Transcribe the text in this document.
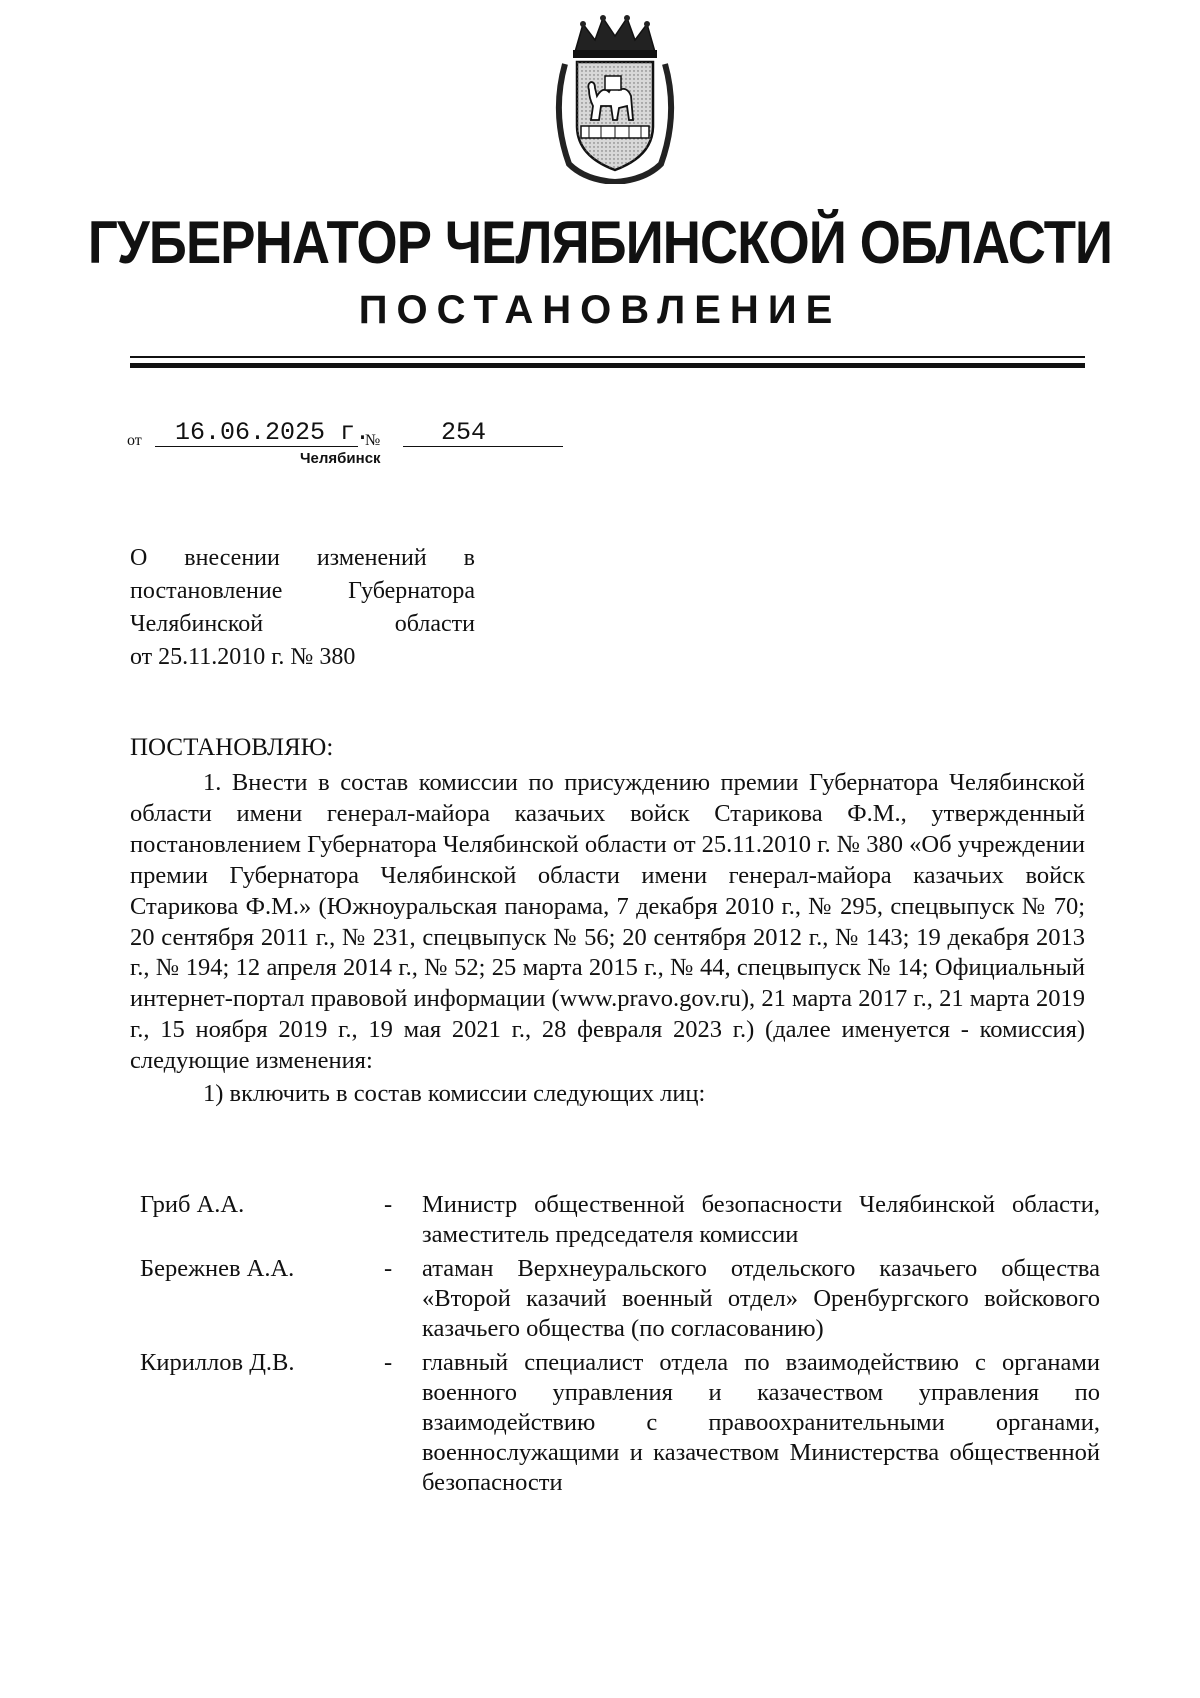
ГУБЕРНАТОР ЧЕЛЯБИНСКОЙ ОБЛАСТИ
ПОСТАНОВЛЕНИЕ
от 16.06.2025 г.
№ 254
Челябинск
О внесении изменений в
постановление Губернатора
Челябинской области
от 25.11.2010 г. № 380
ПОСТАНОВЛЯЮ:
1. Внести в состав комиссии по присуждению премии Губернатора Челябинской области имени генерал-майора казачьих войск Старикова Ф.М., утвержденный постановлением Губернатора Челябинской области от 25.11.2010 г. № 380 «Об учреждении премии Губернатора Челябинской области имени генерал-майора казачьих войск Старикова Ф.М.» (Южноуральская панорама, 7 декабря 2010 г., № 295, спецвыпуск № 70; 20 сентября 2011 г., № 231, спецвыпуск № 56; 20 сентября 2012 г., № 143; 19 декабря 2013 г., № 194; 12 апреля 2014 г., № 52; 25 марта 2015 г., № 44, спецвыпуск № 14; Официальный интернет-портал правовой информации (www.pravo.gov.ru), 21 марта 2017 г., 21 марта 2019 г., 15 ноября 2019 г., 19 мая 2021 г., 28 февраля 2023 г.) (далее именуется - комиссия) следующие изменения:
1) включить в состав комиссии следующих лиц:
Гриб А.А.	- Министр общественной безопасности Челябинской области, заместитель председателя комиссии
Бережнев А.А.	- атаман Верхнеуральского отдельского казачьего общества «Второй казачий военный отдел» Оренбургского войскового казачьего общества (по согласованию)
Кириллов Д.В.	- главный специалист отдела по взаимодействию с органами военного управления и казачеством управления по взаимодействию с правоохранительными органами, военнослужащими и казачеством Министерства общественной безопасности
